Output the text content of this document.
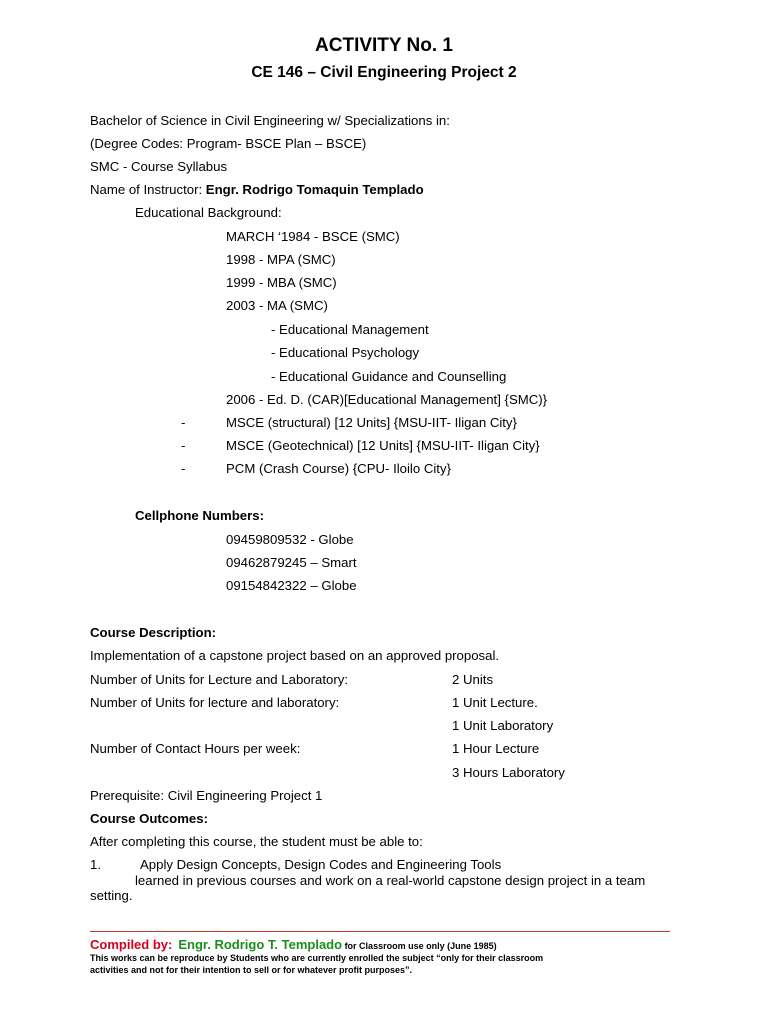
ACTIVITY No. 1
CE 146 – Civil Engineering Project 2
Bachelor of Science in Civil Engineering w/ Specializations in:
(Degree Codes: Program- BSCE Plan – BSCE)
SMC - Course Syllabus
Name of Instructor: Engr. Rodrigo Tomaquin Templado
Educational Background:
MARCH ‘1984 - BSCE (SMC)
1998 - MPA (SMC)
1999 - MBA (SMC)
2003 - MA (SMC)
- Educational Management
- Educational Psychology
- Educational Guidance and Counselling
2006 - Ed. D. (CAR)[Educational Management] {SMC)}
-	MSCE (structural) [12 Units] {MSU-IIT- Iligan City}
-	MSCE (Geotechnical) [12 Units] {MSU-IIT- Iligan City}
-	PCM (Crash Course) {CPU- Iloilo City}
Cellphone Numbers:
09459809532 - Globe
09462879245 – Smart
09154842322 – Globe
Course Description:
Implementation of a capstone project based on an approved proposal.
Number of Units for Lecture and Laboratory:	2 Units
Number of Units for lecture and laboratory:	1 Unit Lecture.
1 Unit Laboratory
Number of Contact Hours per week:	1 Hour Lecture
3 Hours Laboratory
Prerequisite: Civil Engineering Project 1
Course Outcomes:
After completing this course, the student must be able to:
1.	Apply Design Concepts, Design Codes and Engineering Tools
learned in previous courses and work on a real-world capstone design project in a team
setting.
Compiled by: Engr. Rodrigo T. Templado for Classroom use only (June 1985)
This works can be reproduce by Students who are currently enrolled the subject “only for their classroom
activities and not for their intention to sell or for whatever profit purposes”.
